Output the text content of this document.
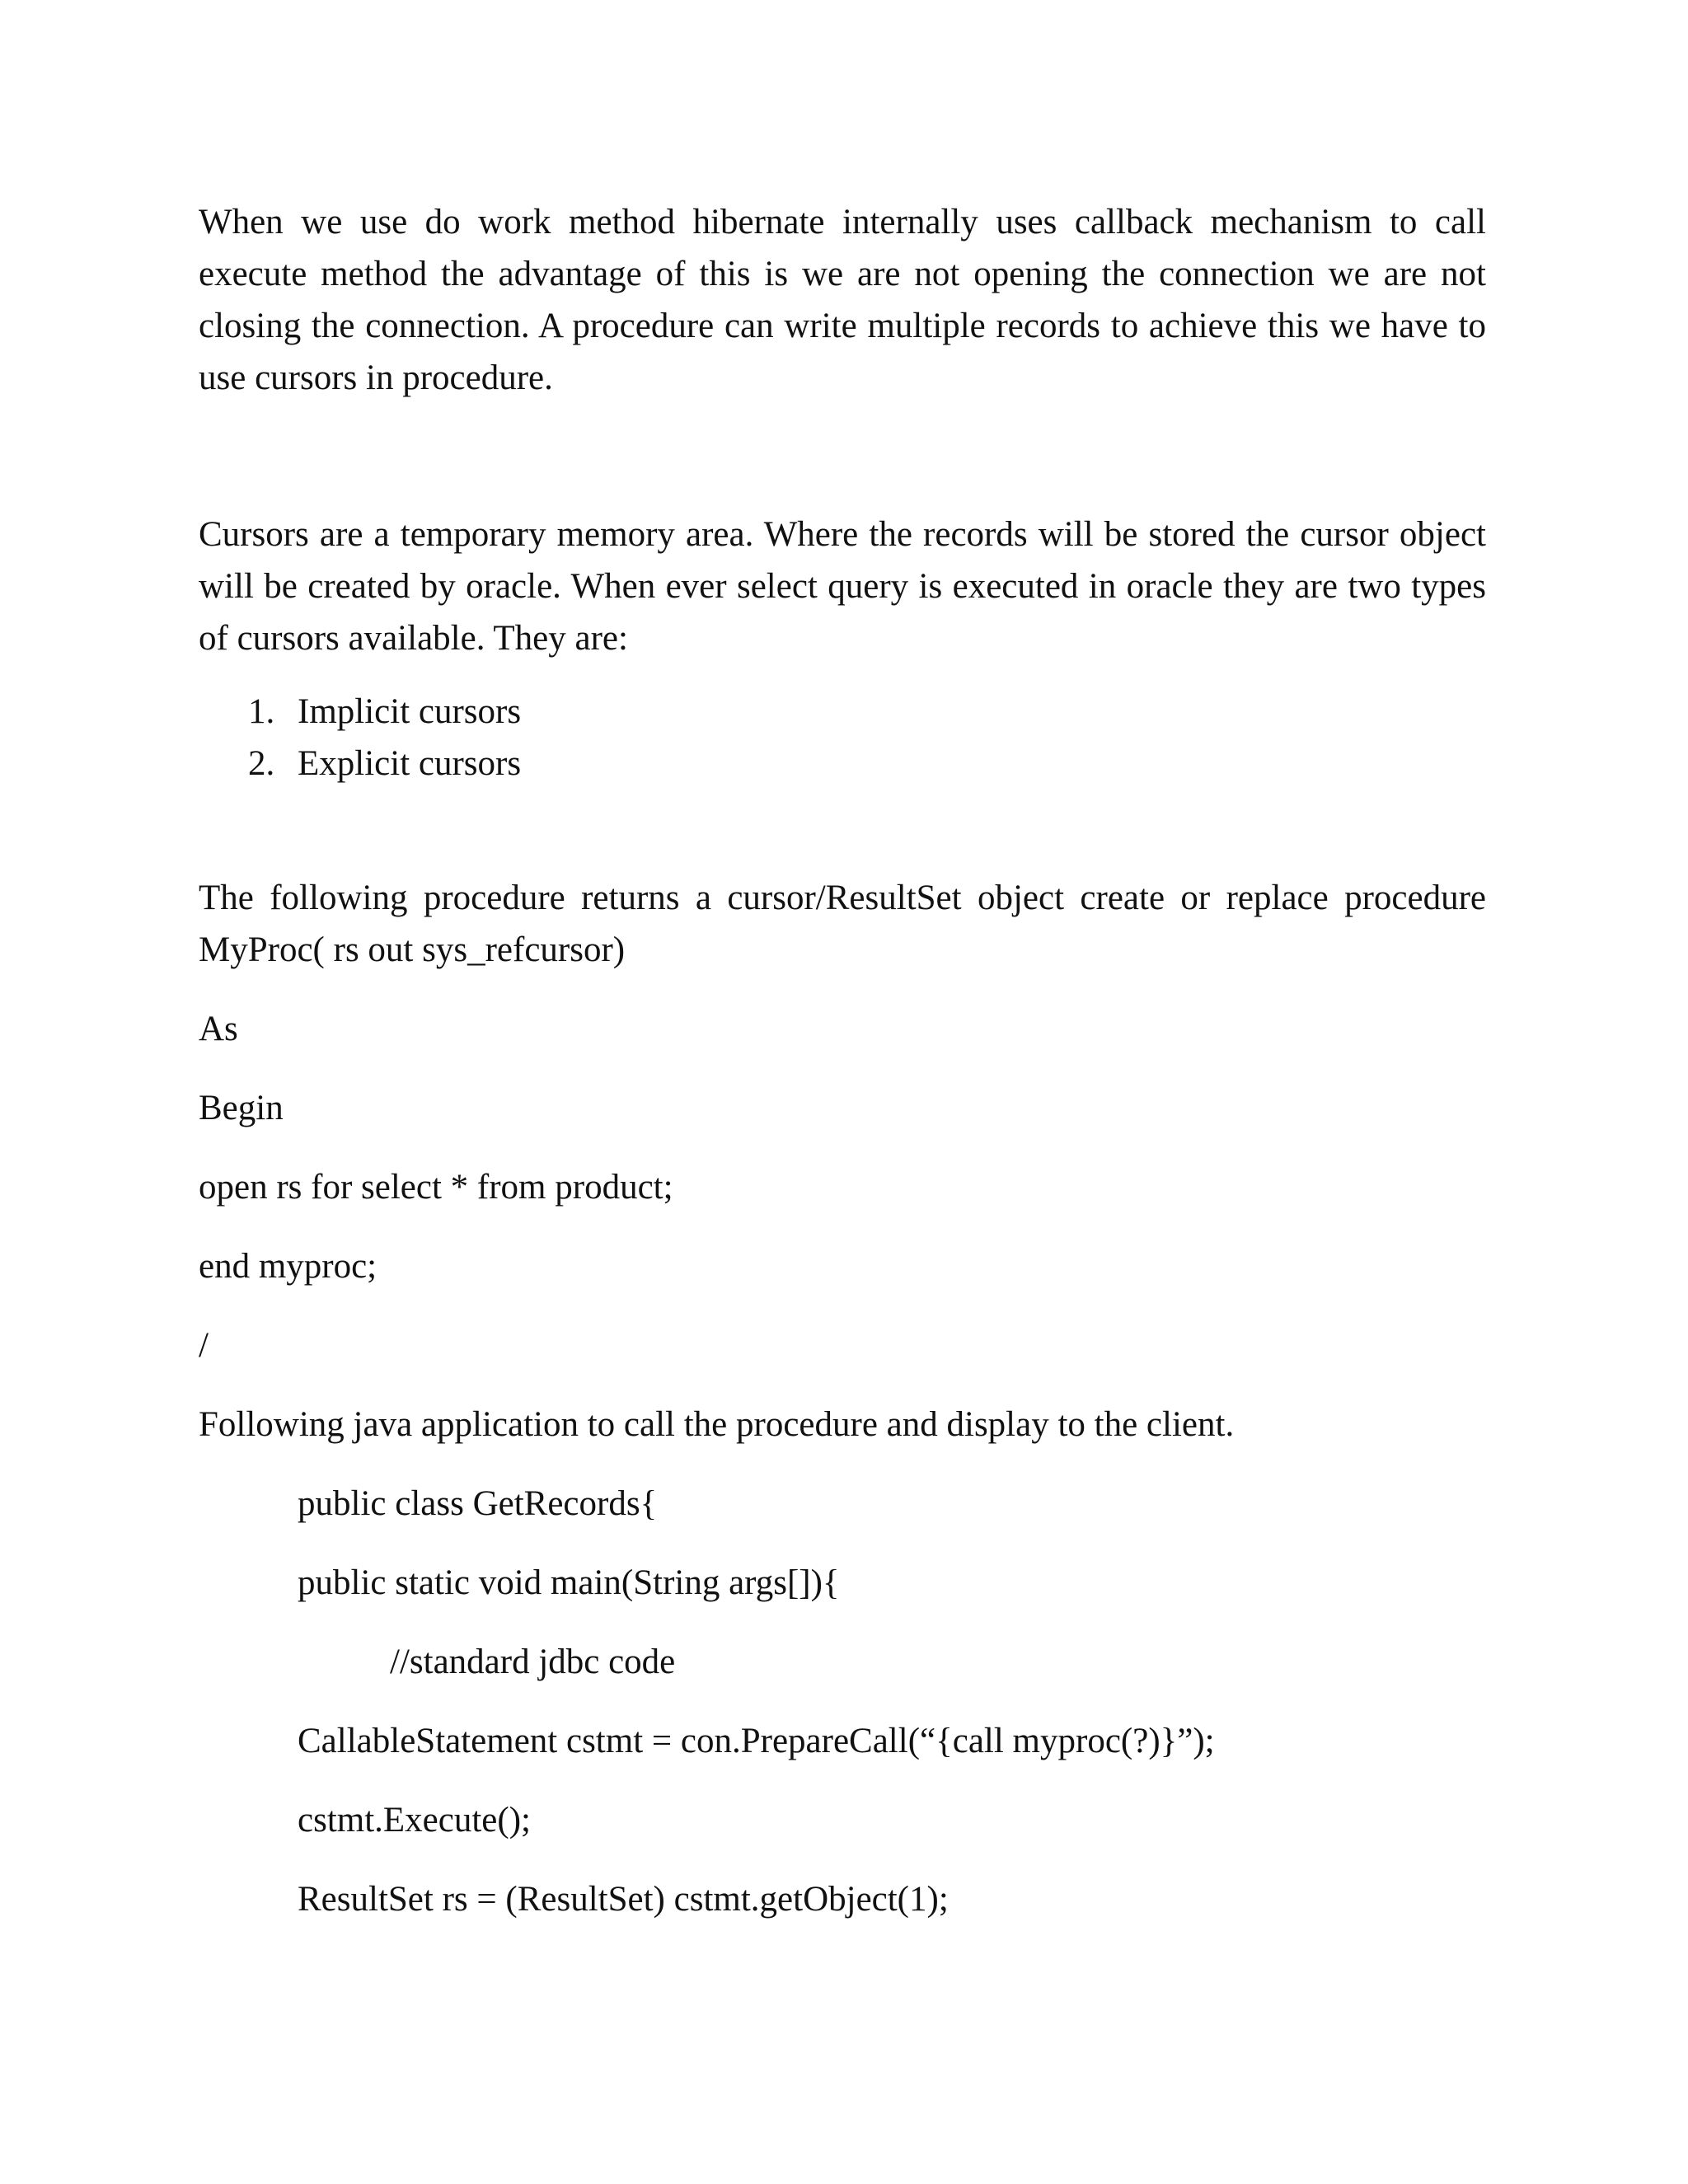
When we use do work method hibernate internally uses callback mechanism to call execute method the advantage of this is we are not opening the connection we are not closing the connection. A procedure can write multiple records to achieve this we have to use cursors in procedure.

Cursors are a temporary memory area. Where the records will be stored the cursor object will be created by oracle. When ever select query is executed in oracle they are two types of cursors available. They are:

1. Implicit cursors
2. Explicit cursors

The following procedure returns a cursor/ResultSet object create or replace procedure MyProc( rs out sys_refcursor)

As

Begin

open rs for select * from product;

end myproc;

/

Following java application to call the procedure and display to the client.

public class GetRecords{

public static void main(String args[]){

//standard jdbc code

CallableStatement cstmt = con.PrepareCall(“{call myproc(?)}”);

cstmt.Execute();

ResultSet rs = (ResultSet) cstmt.getObject(1);
